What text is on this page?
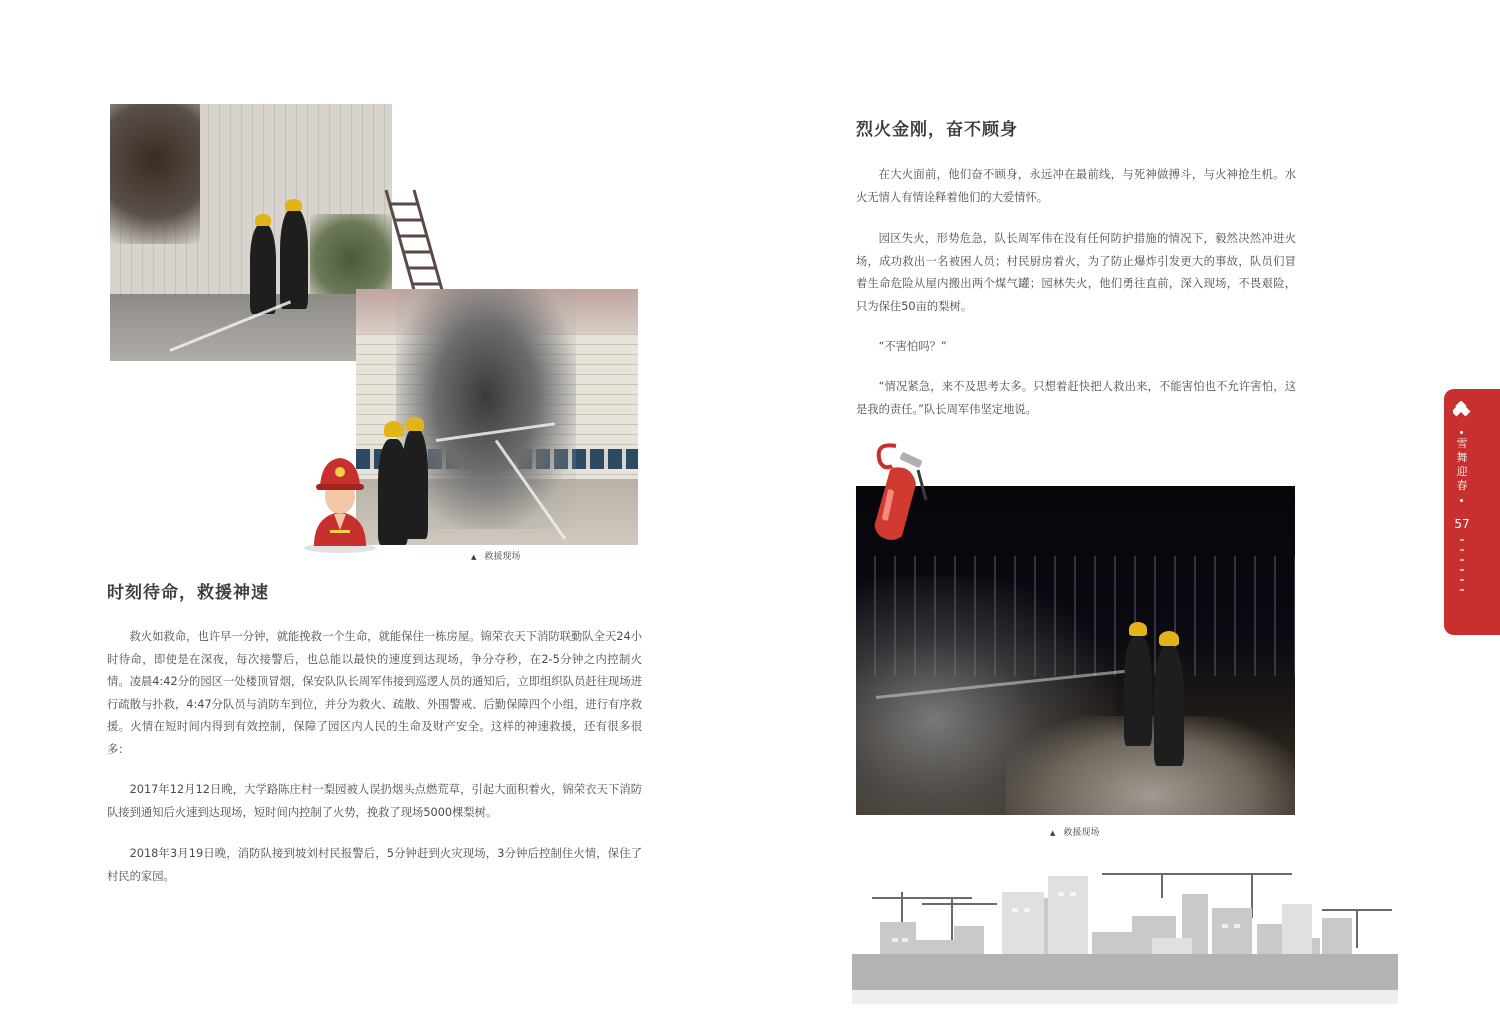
▲ 救援现场
时刻待命，救援神速
救火如救命，也许早一分钟，就能挽救一个生命，就能保住一栋房屋。锦荣衣天下消防联勤队全天24小时待命，即使是在深夜，每次接警后，也总能以最快的速度到达现场，争分夺秒，在2-5分钟之内控制火情。凌晨4:42分的园区一处楼顶冒烟，保安队队长周军伟接到巡逻人员的通知后，立即组织队员赶往现场进行疏散与扑救，4:47分队员与消防车到位，并分为救火、疏散、外围警戒、后勤保障四个小组，进行有序救援。火情在短时间内得到有效控制，保障了园区内人民的生命及财产安全。这样的神速救援，还有很多很多：
2017年12月12日晚，大学路陈庄村一梨园被人误扔烟头点燃荒草，引起大面积着火，锦荣衣天下消防队接到通知后火速到达现场，短时间内控制了火势，挽救了现场5000棵梨树。
2018年3月19日晚，消防队接到坡刘村民报警后，5分钟赶到火灾现场，3分钟后控制住火情，保住了村民的家园。
烈火金刚，奋不顾身
在大火面前，他们奋不顾身，永远冲在最前线，与死神做搏斗，与火神抢生机。水火无情人有情诠释着他们的大爱情怀。
园区失火，形势危急，队长周军伟在没有任何防护措施的情况下，毅然决然冲进火场，成功救出一名被困人员；村民厨房着火，为了防止爆炸引发更大的事故，队员们冒着生命危险从屋内搬出两个煤气罐；园林失火，他们勇往直前，深入现场，不畏艰险，只为保住50亩的梨树。
“不害怕吗？”
“情况紧急，来不及思考太多。只想着赶快把人救出来，不能害怕也不允许害怕，这是我的责任。”队长周军伟坚定地说。
▲ 救援现场
雪
舞
迎
春
57
